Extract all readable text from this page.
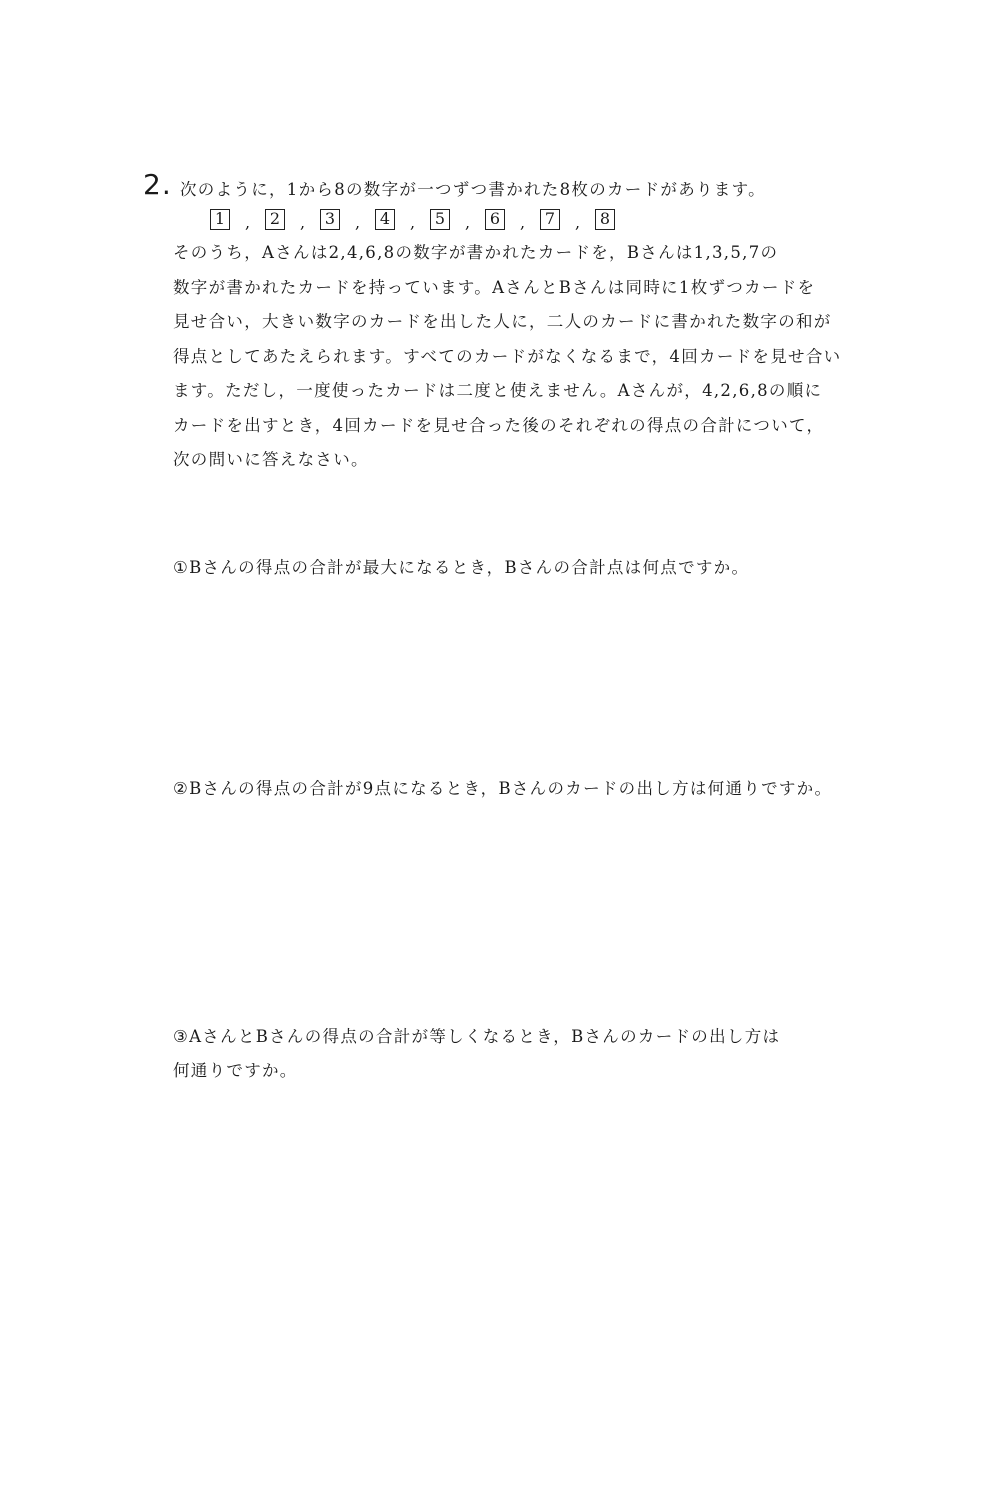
2. 次のように，1から8の数字が一つずつ書かれた8枚のカードがあります。
1	,	2	,	3	,	4	,	5	,	6	,	7	,	8
そのうち，Aさんは2,4,6,8の数字が書かれたカードを，Bさんは1,3,5,7の
数字が書かれたカードを持っています。AさんとBさんは同時に1枚ずつカードを
見せ合い，大きい数字のカードを出した人に，二人のカードに書かれた数字の和が
得点としてあたえられます。すべてのカードがなくなるまで，4回カードを見せ合い
ます。ただし，一度使ったカードは二度と使えません。Aさんが，4,2,6,8の順に
カードを出すとき，4回カードを見せ合った後のそれぞれの得点の合計について，
次の問いに答えなさい。
①Bさんの得点の合計が最大になるとき，Bさんの合計点は何点ですか。
②Bさんの得点の合計が9点になるとき，Bさんのカードの出し方は何通りですか。
③AさんとBさんの得点の合計が等しくなるとき，Bさんのカードの出し方は
何通りですか。
